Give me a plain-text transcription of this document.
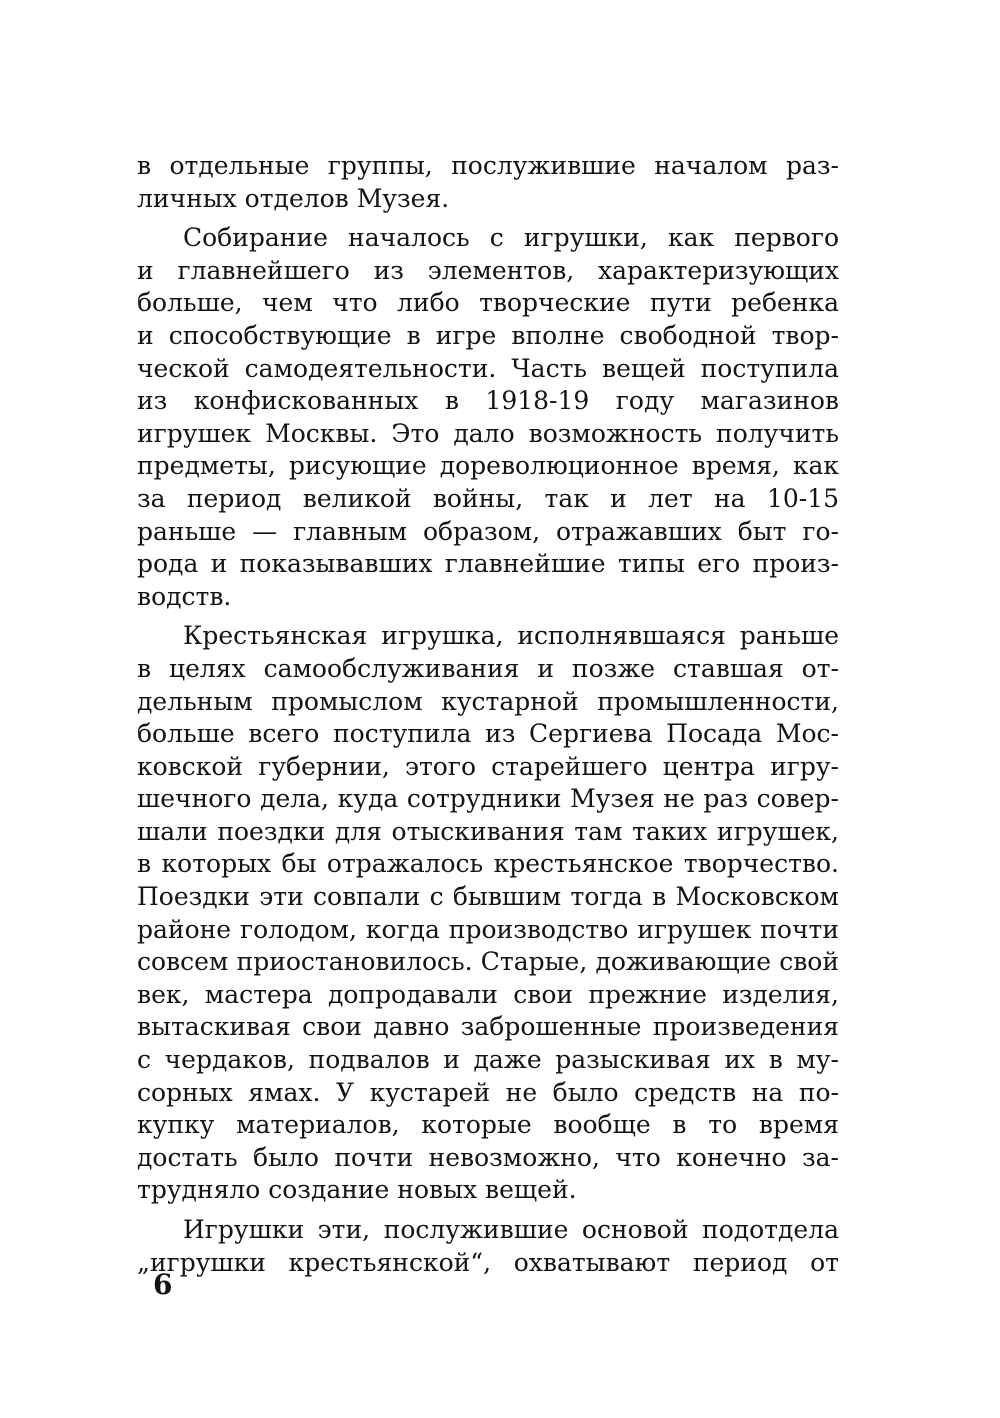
в отдельные группы, послужившие началом раз-
личных отделов Музея.
Собирание началось с игрушки, как первого
и главнейшего из элементов, характеризующих
больше, чем что либо творческие пути ребенка
и способствующие в игре вполне свободной твор-
ческой самодеятельности. Часть вещей поступила
из конфискованных в 1918-19 году магазинов
игрушек Москвы. Это дало возможность получить
предметы, рисующие дореволюционное время, как
за период великой войны, так и лет на 10-15
раньше — главным образом, отражавших быт го-
рода и показывавших главнейшие типы его произ-
водств.
Крестьянская игрушка, исполнявшаяся раньше
в целях самообслуживания и позже ставшая от-
дельным промыслом кустарной промышленности,
больше всего поступила из Сергиева Посада Мос-
ковской губернии, этого старейшего центра игру-
шечного дела, куда сотрудники Музея не раз совер-
шали поездки для отыскивания там таких игрушек,
в которых бы отражалось крестьянское творчество.
Поездки эти совпали с бывшим тогда в Московском
районе голодом, когда производство игрушек почти
совсем приостановилось. Старые, доживающие свой
век, мастера допродавали свои прежние изделия,
вытаскивая свои давно заброшенные произведения
с чердаков, подвалов и даже разыскивая их в му-
сорных ямах. У кустарей не было средств на по-
купку материалов, которые вообще в то время
достать было почти невозможно, что конечно за-
трудняло создание новых вещей.
Игрушки эти, послужившие основой подотдела
„игрушки крестьянской“, охватывают период от
6
